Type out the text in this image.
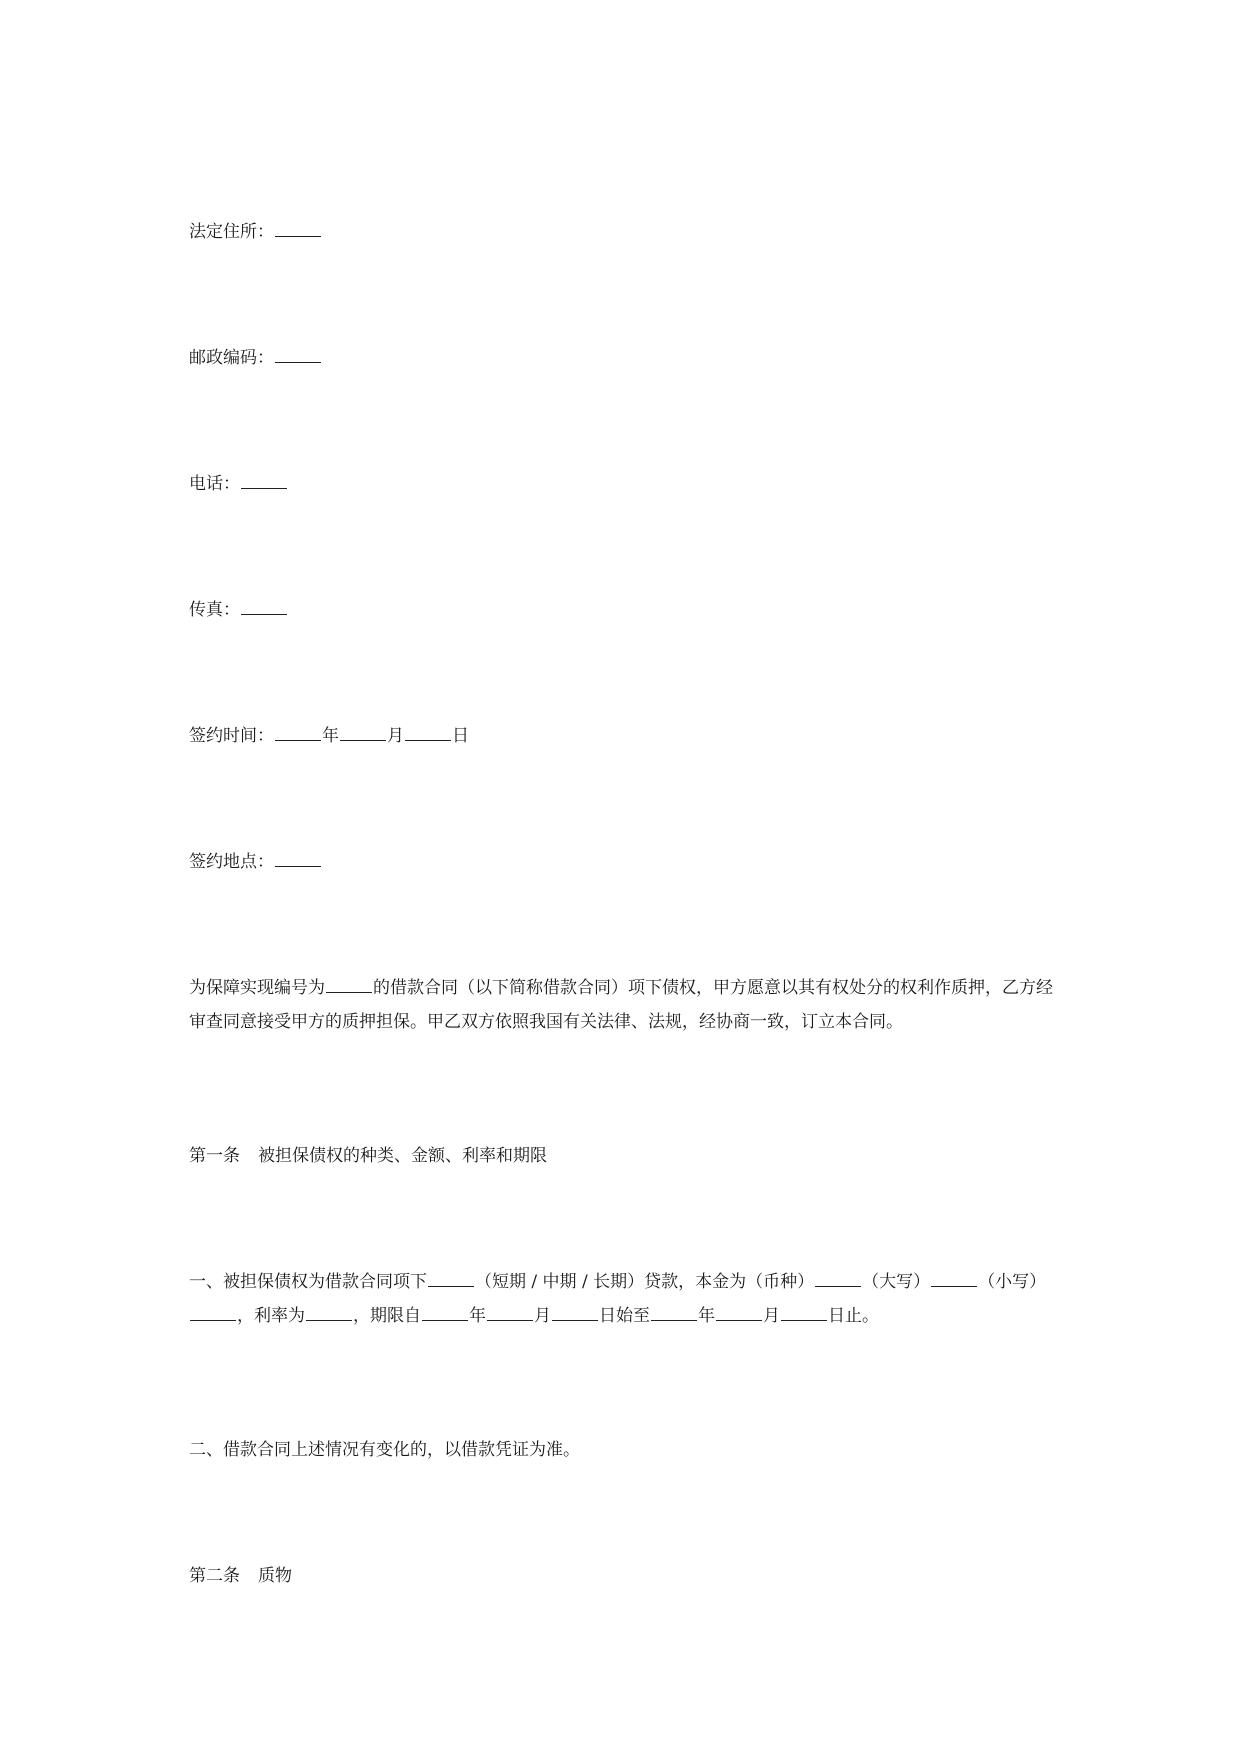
法定住所：
邮政编码：
电话：
传真：
签约时间：	年	月	日
签约地点：
为保障实现编号为	的借款合同（以下简称借款合同）项下债权，甲方愿意以其有权处分的权利作质押，乙方经审查同意接受甲方的质押担保。甲乙双方依照我国有关法律、法规，经协商一致，订立本合同。
第一条 被担保债权的种类、金额、利率和期限
一、被担保债权为借款合同项下	（短期 / 中期 / 长期）贷款，本金为（币种）	（大写）	（小写），利率为	，期限自	年	月	日始至	年	月	日止。
二、借款合同上述情况有变化的，以借款凭证为准。
第二条 质物
